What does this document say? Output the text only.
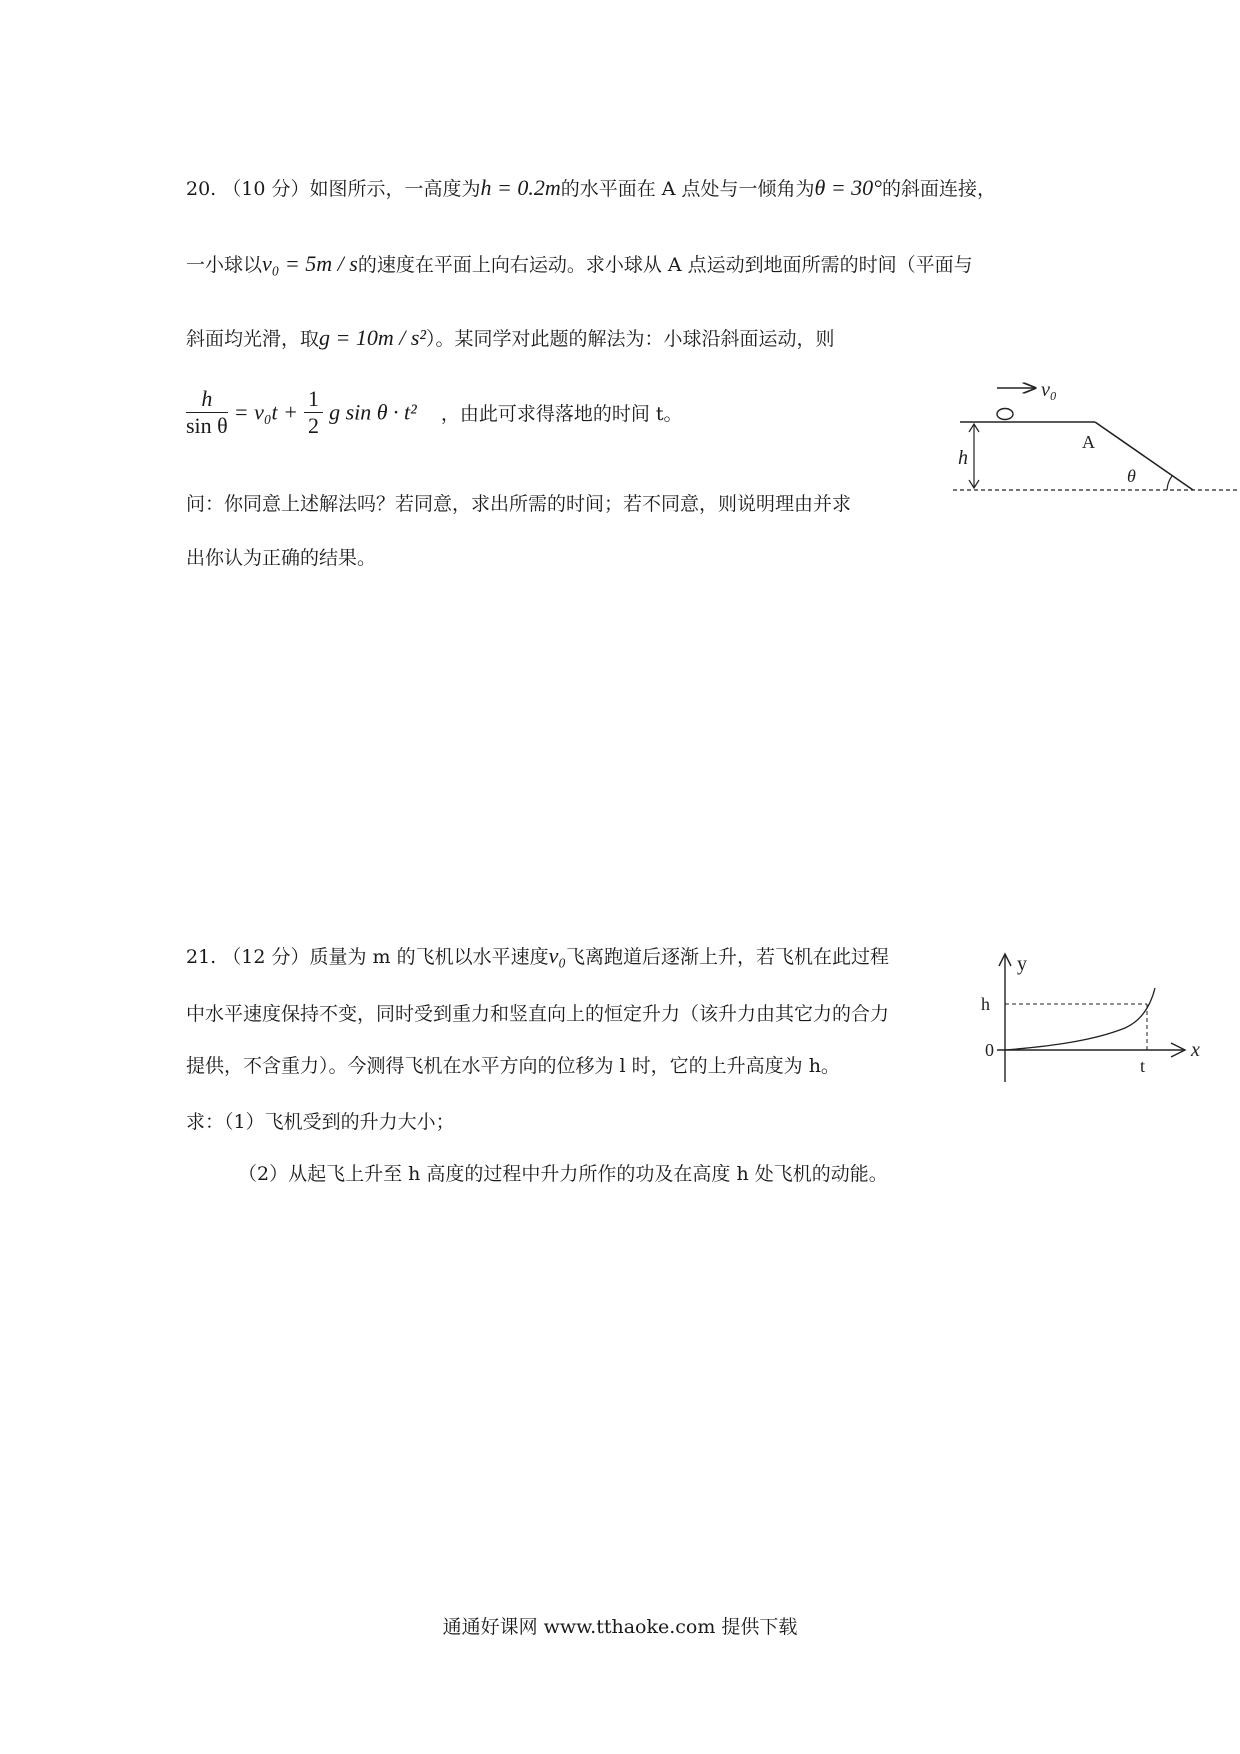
20. （10 分）如图所示，一高度为h = 0.2m的水平面在 A 点处与一倾角为θ = 30°的斜面连接，
一小球以v₀ = 5m / s的速度在平面上向右运动。求小球从 A 点运动到地面所需的时间（平面与
斜面均光滑，取g = 10m / s²）。某同学对此题的解法为：小球沿斜面运动，则
$\frac{h}{\text{sin θ}} = v_0t + \frac{1}{2}$ g sin θ · t² ，由此可求得落地的时间 t。
问：你同意上述解法吗？若同意，求出所需的时间；若不同意，则说明理由并求
出你认为正确的结果。
v₀
h
A
θ
21. （12 分）质量为 m 的飞机以水平速度v₀飞离跑道后逐渐上升，若飞机在此过程
中水平速度保持不变，同时受到重力和竖直向上的恒定升力（该升力由其它力的合力
提供，不含重力）。今测得飞机在水平方向的位移为 l 时，它的上升高度为 h。
求：（1）飞机受到的升力大小；
（2）从起飞上升至 h 高度的过程中升力所作的功及在高度 h 处飞机的动能。
y
x
h
0
t
通通好课网 www.tthaoke.com 提供下载
